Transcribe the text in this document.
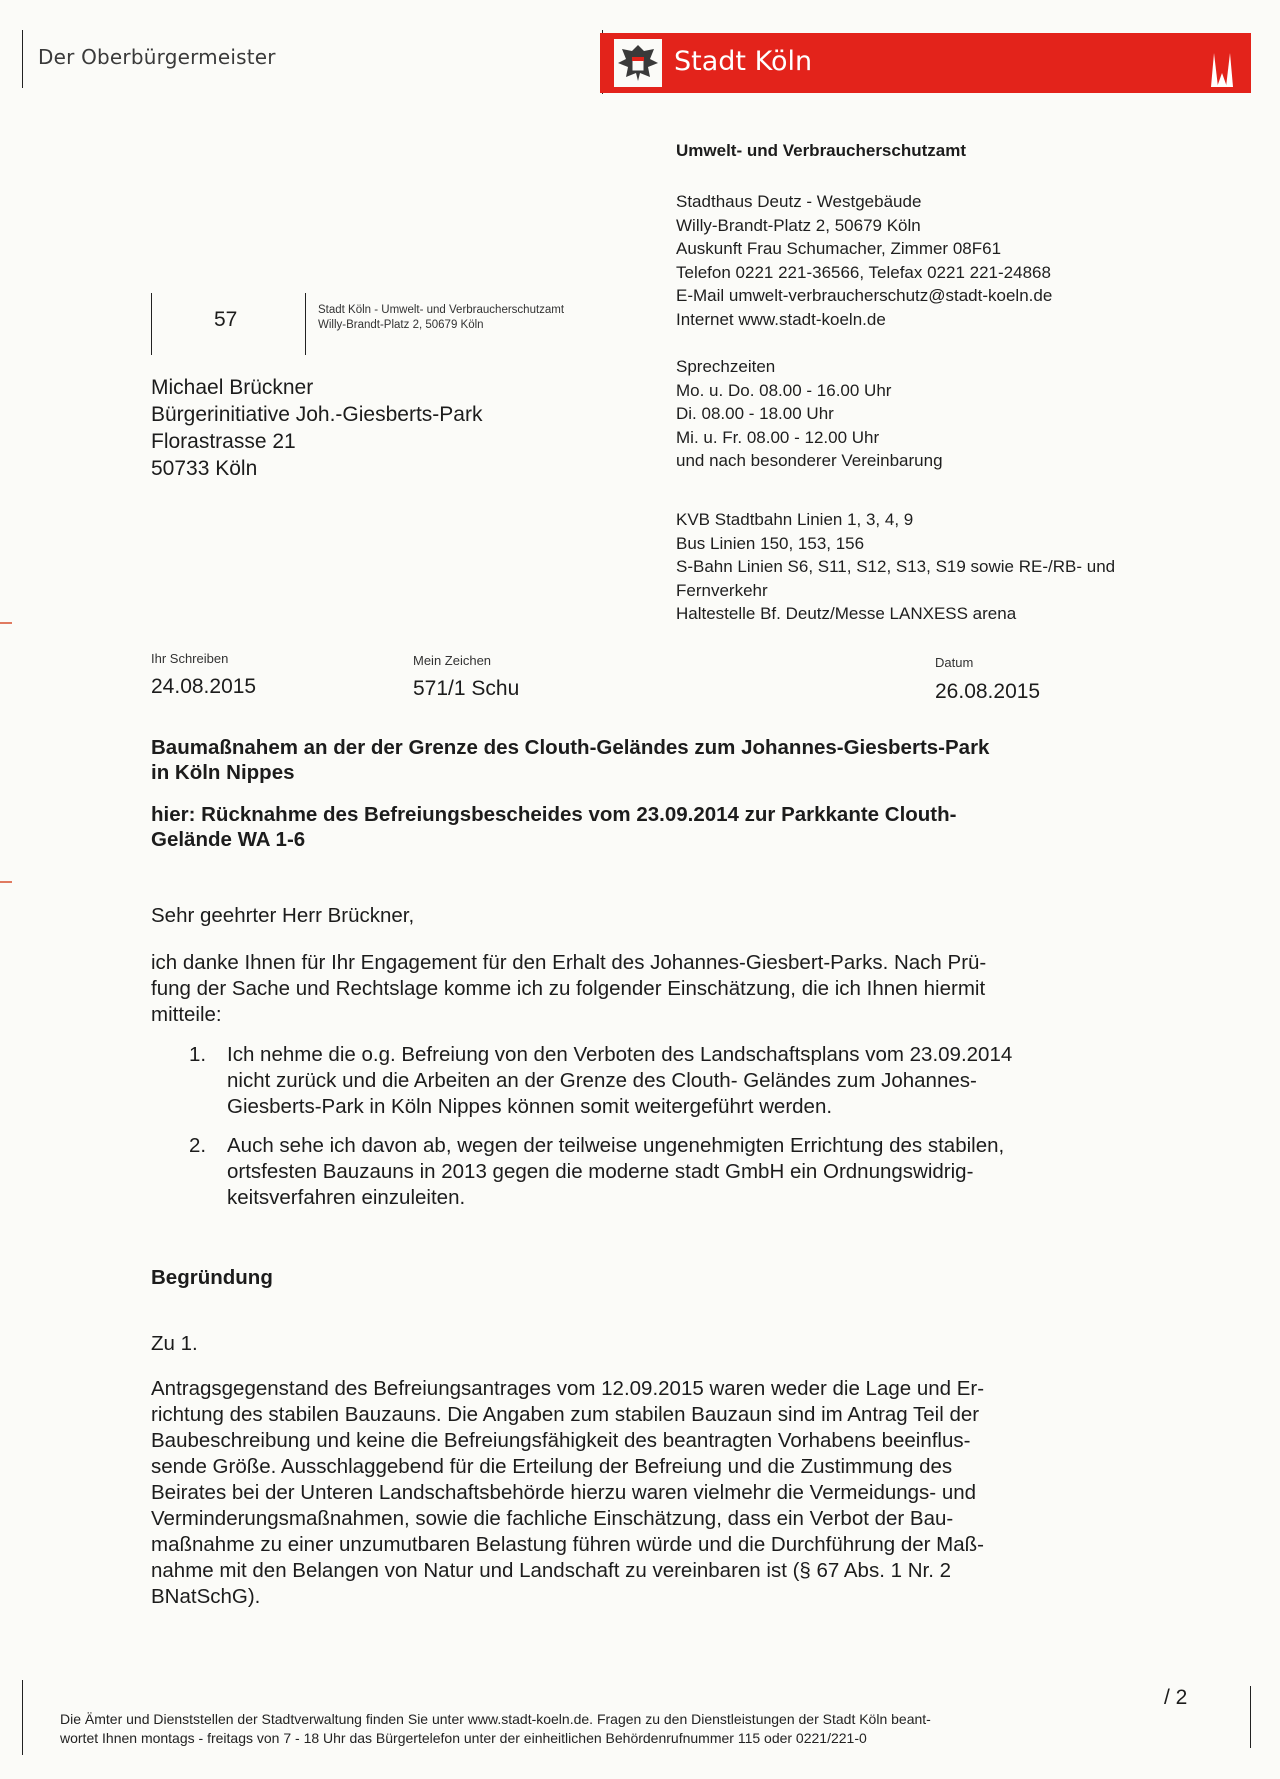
Der Oberbürgermeister	Stadt Köln
Umwelt- und Verbraucherschutzamt
Stadthaus Deutz - Westgebäude
Willy-Brandt-Platz 2, 50679 Köln
Auskunft Frau Schumacher, Zimmer 08F61
Telefon 0221 221-36566, Telefax 0221 221-24868
E-Mail umwelt-verbraucherschutz@stadt-koeln.de
Internet www.stadt-koeln.de
Sprechzeiten
Mo. u. Do. 08.00 - 16.00 Uhr
Di. 08.00 - 18.00 Uhr
Mi. u. Fr. 08.00 - 12.00 Uhr
und nach besonderer Vereinbarung
KVB Stadtbahn Linien 1, 3, 4, 9
Bus Linien 150, 153, 156
S-Bahn Linien S6, S11, S12, S13, S19 sowie RE-/RB- und
Fernverkehr
Haltestelle Bf. Deutz/Messe LANXESS arena
57	Stadt Köln - Umwelt- und Verbraucherschutzamt
Willy-Brandt-Platz 2, 50679 Köln
Michael Brückner
Bürgerinitiative Joh.-Giesberts-Park
Florastrasse 21
50733 Köln
Ihr Schreiben
24.08.2015
Mein Zeichen
571/1 Schu
Datum
26.08.2015
Baumaßnahem an der der Grenze des Clouth-Geländes zum Johannes-Giesberts-Park
in Köln Nippes
hier: Rücknahme des Befreiungsbescheides vom 23.09.2014 zur Parkkante Clouth-
Gelände WA 1-6
Sehr geehrter Herr Brückner,
ich danke Ihnen für Ihr Engagement für den Erhalt des Johannes-Giesbert-Parks. Nach Prü-
fung der Sache und Rechtslage komme ich zu folgender Einschätzung, die ich Ihnen hiermit
mitteile:
1. Ich nehme die o.g. Befreiung von den Verboten des Landschaftsplans vom 23.09.2014
nicht zurück und die Arbeiten an der Grenze des Clouth- Geländes zum Johannes-
Giesberts-Park in Köln Nippes können somit weitergeführt werden.
2. Auch sehe ich davon ab, wegen der teilweise ungenehmigten Errichtung des stabilen,
ortsfesten Bauzauns in 2013 gegen die moderne stadt GmbH ein Ordnungswidrig-
keitsverfahren einzuleiten.
Begründung
Zu 1.
Antragsgegenstand des Befreiungsantrages vom 12.09.2015 waren weder die Lage und Er-
richtung des stabilen Bauzauns. Die Angaben zum stabilen Bauzaun sind im Antrag Teil der
Baubeschreibung und keine die Befreiungsfähigkeit des beantragten Vorhabens beeinflus-
sende Größe. Ausschlaggebend für die Erteilung der Befreiung und die Zustimmung des
Beirates bei der Unteren Landschaftsbehörde hierzu waren vielmehr die Vermeidungs- und
Verminderungsmaßnahmen, sowie die fachliche Einschätzung, dass ein Verbot der Bau-
maßnahme zu einer unzumutbaren Belastung führen würde und die Durchführung der Maß-
nahme mit den Belangen von Natur und Landschaft zu vereinbaren ist (§ 67 Abs. 1 Nr. 2
BNatSchG).
/ 2
Die Ämter und Dienststellen der Stadtverwaltung finden Sie unter www.stadt-koeln.de. Fragen zu den Dienstleistungen der Stadt Köln beant-
wortet Ihnen montags - freitags von 7 - 18 Uhr das Bürgertelefon unter der einheitlichen Behördenrufnummer 115 oder 0221/221-0
